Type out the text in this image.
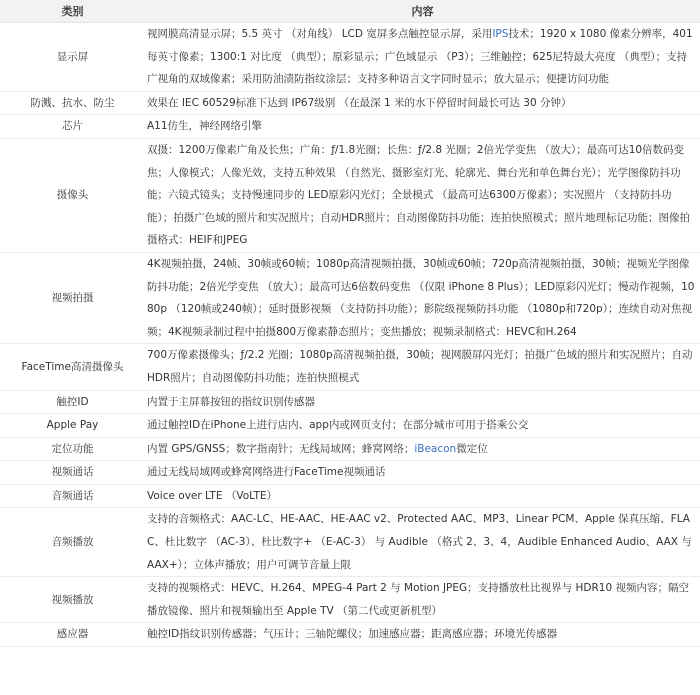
类别	内容
显示屏	视网膜高清显示屏；5.5 英寸 （对角线） LCD 宽屏多点触控显示屏，采用IPS技术；1920 x 1080 像素分辨率，401每英寸像素；1300:1 对比度 （典型）；原彩显示；广色域显示 （P3）；三维触控；625尼特最大亮度 （典型）；支持广视角的双域像素；采用防油渍防指纹涂层；支持多种语言文字同时显示；放大显示；便捷访问功能
防溅、抗水、防尘	效果在 IEC 60529标准下达到 IP67级别 （在最深 1 米的水下停留时间最长可达 30 分钟）
芯片	A11仿生，神经网络引擎
摄像头	双摄：1200万像素广角及长焦；广角：ƒ/1.8光圈；长焦：ƒ/2.8 光圈；2倍光学变焦 （放大）；最高可达10倍数码变焦；人像模式；人像光效，支持五种效果 （自然光、摄影室灯光、轮廓光、舞台光和单色舞台光）；光学图像防抖功能；六镜式镜头；支持慢速同步的 LED原彩闪光灯；全景模式 （最高可达6300万像素）；实况照片 （支持防抖功能）；拍摄广色域的照片和实况照片；自动HDR照片；自动图像防抖功能；连拍快照模式；照片地理标记功能；图像拍摄格式：HEIF和JPEG
视频拍摄	4K视频拍摄，24帧、30帧或60帧；1080p高清视频拍摄，30帧或60帧；720p高清视频拍摄，30帧；视频光学图像防抖功能；2倍光学变焦 （放大）；最高可达6倍数码变焦 （仅限 iPhone 8 Plus）；LED原彩闪光灯；慢动作视频，1080p （120帧或240帧）；延时摄影视频 （支持防抖功能）；影院级视频防抖功能 （1080p和720p）；连续自动对焦视频；4K视频录制过程中拍摄800万像素静态照片；变焦播放；视频录制格式：HEVC和H.264
FaceTime高清摄像头	700万像素摄像头；ƒ/2.2 光圈；1080p高清视频拍摄，30帧；视网膜屏闪光灯；拍摄广色域的照片和实况照片；自动HDR照片；自动图像防抖功能；连拍快照模式
触控ID	内置于主屏幕按钮的指纹识别传感器
Apple Pay	通过触控ID在iPhone上进行店内、app内或网页支付；在部分城市可用于搭乘公交
定位功能	内置 GPS/GNSS；数字指南针；无线局域网；蜂窝网络；iBeacon微定位
视频通话	通过无线局域网或蜂窝网络进行FaceTime视频通话
音频通话	Voice over LTE （VoLTE）
音频播放	支持的音频格式：AAC-LC、HE-AAC、HE-AAC v2、Protected AAC、MP3、Linear PCM、Apple 保真压缩、FLAC、杜比数字 （AC-3）、杜比数字+ （E-AC-3） 与 Audible （格式 2、3、4，Audible Enhanced Audio、AAX 与 AAX+）；立体声播放；用户可调节音量上限
视频播放	支持的视频格式：HEVC、H.264、MPEG-4 Part 2 与 Motion JPEG；支持播放杜比视界与 HDR10 视频内容；隔空播放镜像、照片和视频输出至 Apple TV （第二代或更新机型）
感应器	触控ID指纹识别传感器；气压计；三轴陀螺仪；加速感应器；距离感应器；环境光传感器
